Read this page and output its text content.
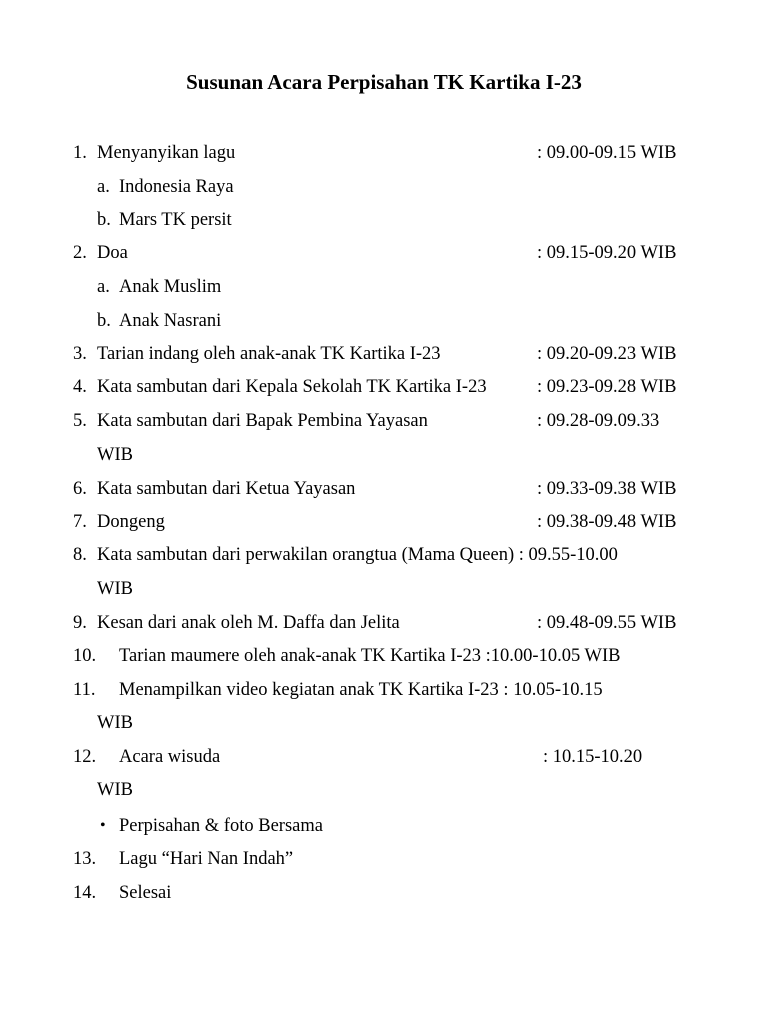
Susunan Acara Perpisahan TK Kartika I-23
1. Menyanyikan lagu	: 09.00-09.15 WIB
a. Indonesia Raya
b. Mars TK persit
2. Doa	: 09.15-09.20 WIB
a. Anak Muslim
b. Anak Nasrani
3. Tarian indang oleh anak-anak TK Kartika I-23	: 09.20-09.23 WIB
4. Kata sambutan dari Kepala Sekolah TK Kartika I-23	: 09.23-09.28 WIB
5. Kata sambutan dari Bapak Pembina Yayasan	: 09.28-09.09.33
WIB
6. Kata sambutan dari Ketua Yayasan	: 09.33-09.38 WIB
7. Dongeng	: 09.38-09.48 WIB
8. Kata sambutan dari perwakilan orangtua (Mama Queen) : 09.55-10.00
WIB
9. Kesan dari anak oleh M. Daffa dan Jelita	: 09.48-09.55 WIB
10. Tarian maumere oleh anak-anak TK Kartika I-23 :10.00-10.05 WIB
11. Menampilkan video kegiatan anak TK Kartika I-23 : 10.05-10.15
WIB
12. Acara wisuda	: 10.15-10.20
WIB
• Perpisahan & foto Bersama
13. Lagu “Hari Nan Indah”
14. Selesai
